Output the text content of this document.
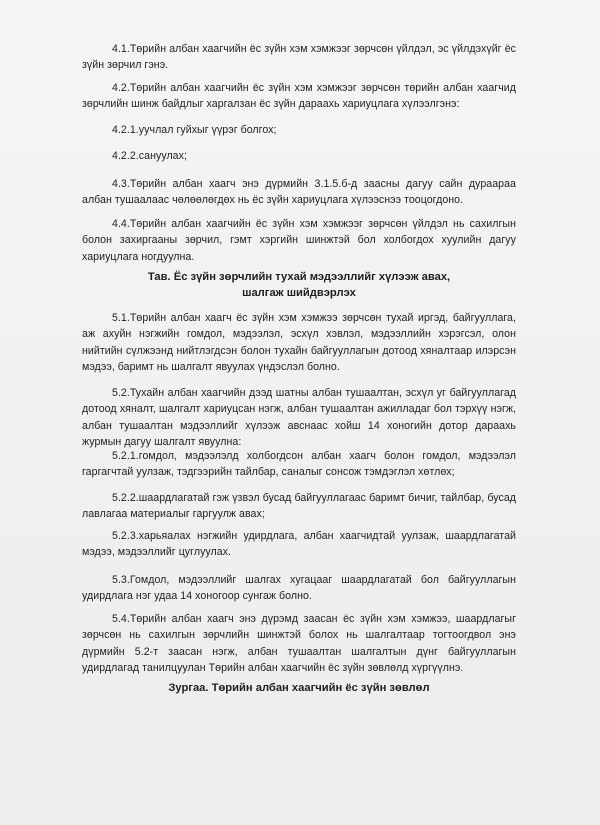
4.1.Төрийн албан хаагчийн ёс зүйн хэм хэмжээг зөрчсөн үйлдэл, эс үйлдэхүйг ёс зүйн зөрчил гэнэ.

4.2.Төрийн албан хаагчийн ёс зүйн хэм хэмжээг зөрчсөн төрийн албан хаагчид зөрчлийн шинж байдлыг харгалзан ёс зүйн дараахь хариуцлага хүлээлгэнэ:

4.2.1.уучлал гуйхыг үүрэг болгох;

4.2.2.сануулах;

4.3.Төрийн албан хаагч энэ дүрмийн 3.1.5.б-д заасны дагуу сайн дураараа албан тушаалаас чөлөөлөгдөх нь ёс зүйн хариуцлага хүлээснээ тооцогдоно.

4.4.Төрийн албан хаагчийн ёс зүйн хэм хэмжээг зөрчсөн үйлдэл нь сахилгын болон захиргааны зөрчил, гэмт хэргийн шинжтэй бол холбогдох хуулийн дагуу хариуцлага ногдуулна.

Тав. Ёс зүйн зөрчлийн тухай мэдээллийг хүлээж авах,
шалгаж шийдвэрлэх

5.1.Төрийн албан хаагч ёс зүйн хэм хэмжээ зөрчсөн тухай иргэд, байгууллага, аж ахуйн нэгжийн гомдол, мэдээлэл, эсхүл хэвлэл, мэдээллийн хэрэгсэл, олон нийтийн сүлжээнд нийтлэгдсэн болон тухайн байгууллагын дотоод хяналтаар илэрсэн мэдээ, баримт нь шалгалт явуулах үндэслэл болно.

5.2.Тухайн албан хаагчийн дээд шатны албан тушаалтан, эсхүл уг байгууллагад дотоод хяналт, шалгалт хариуцсан нэгж, албан тушаалтан ажилладаг бол тэрхүү нэгж, албан тушаалтан мэдээллийг хүлээж авснаас хойш 14 хоногийн дотор дараахь журмын дагуу шалгалт явуулна:

5.2.1.гомдол, мэдээлэлд холбогдсон албан хаагч болон гомдол, мэдээлэл гаргагчтай уулзаж, тэдгээрийн тайлбар, саналыг сонсож тэмдэглэл хөтлөх;

5.2.2.шаардлагатай гэж үзвэл бусад байгууллагаас баримт бичиг, тайлбар, бусад лавлагаа материалыг гаргуулж авах;

5.2.3.харьяалах нэгжийн удирдлага, албан хаагчидтай уулзаж, шаардлагатай мэдээ, мэдээллийг цуглуулах.

5.3.Гомдол, мэдээллийг шалгах хугацааг шаардлагатай бол байгууллагын удирдлага нэг удаа 14 хоногоор сунгаж болно.

5.4.Төрийн албан хаагч энэ дүрэмд заасан ёс зүйн хэм хэмжээ, шаардлагыг зөрчсөн нь сахилгын зөрчлийн шинжтэй болох нь шалгалтаар тогтоогдвол энэ дүрмийн 5.2-т заасан нэгж, албан тушаалтан шалгалтын дүнг байгууллагын удирдлагад танилцуулан Төрийн албан хаагчийн ёс зүйн зөвлөлд хүргүүлнэ.

Зургаа. Төрийн албан хаагчийн ёс зүйн зөвлөл
